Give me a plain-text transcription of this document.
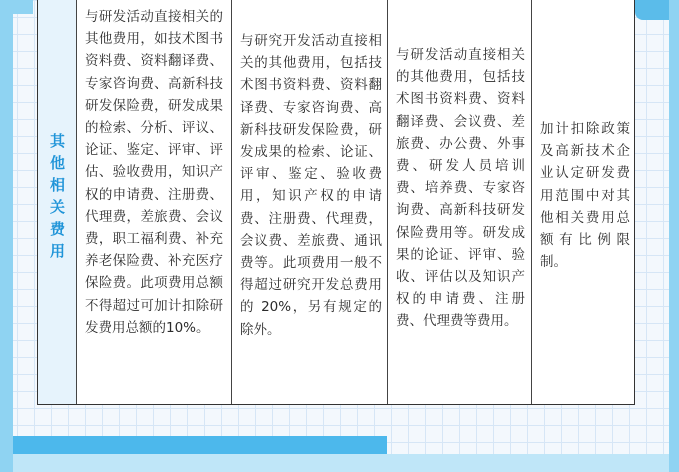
其
他
相
关
费
用
与研发活动直接相关的其他费用，如技术图书资料费、资料翻译费、专家咨询费、高新科技研发保险费，研发成果的检索、分析、评议、论证、鉴定、评审、评估、验收费用，知识产权的申请费、注册费、代理费，差旅费、会议费，职工福利费、补充养老保险费、补充医疗保险费。此项费用总额不得超过可加计扣除研发费用总额的10%。
与研究开发活动直接相关的其他费用，包括技术图书资料费、资料翻译费、专家咨询费、高新科技研发保险费，研发成果的检索、论证、评审、鉴定、验收费用，知识产权的申请费、注册费、代理费，会议费、差旅费、通讯费等。此项费用一般不得超过研究开发总费用的 20%，另有规定的除外。
与研发活动直接相关的其他费用，包括技术图书资料费、资料翻译费、会议费、差旅费、办公费、外事费、研发人员培训费、培养费、专家咨询费、高新科技研发保险费用等。研发成果的论证、评审、验收、评估以及知识产权的申请费、注册费、代理费等费用。
加计扣除政策及高新技术企业认定研发费用范围中对其他相关费用总额有比例限制。
